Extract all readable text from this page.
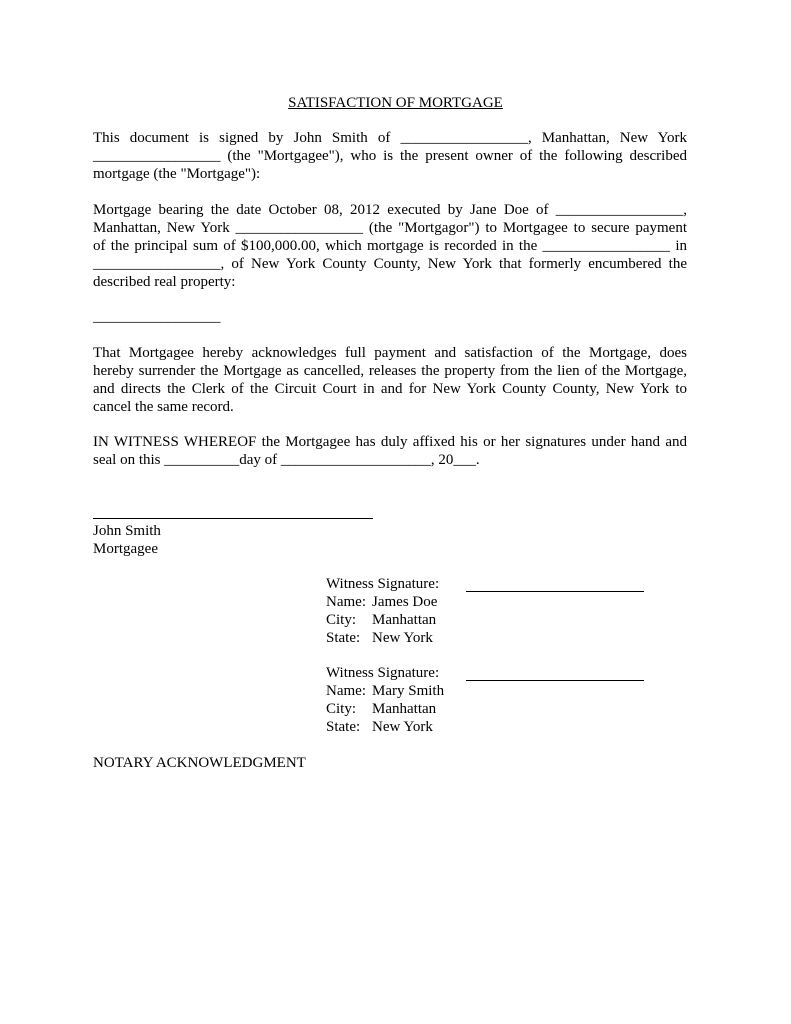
SATISFACTION OF MORTGAGE
This document is signed by John Smith of _________________, Manhattan, New York
_________________ (the "Mortgagee"), who is the present owner of the following described
mortgage (the "Mortgage"):
Mortgage bearing the date October 08, 2012 executed by Jane Doe of _________________,
Manhattan, New York _________________ (the "Mortgagor") to Mortgagee to secure payment
of the principal sum of $100,000.00, which mortgage is recorded in the _________________ in
_________________, of New York County County, New York that formerly encumbered the
described real property:
_________________
That Mortgagee hereby acknowledges full payment and satisfaction of the Mortgage, does
hereby surrender the Mortgage as cancelled, releases the property from the lien of the Mortgage,
and directs the Clerk of the Circuit Court in and for New York County County, New York to
cancel the same record.
IN WITNESS WHEREOF the Mortgagee has duly affixed his or her signatures under hand and
seal on this __________day of ____________________, 20___.
John Smith
Mortgagee
Witness Signature:
Name: James Doe
City: Manhattan
State: New York
Witness Signature:
Name: Mary Smith
City: Manhattan
State: New York
NOTARY ACKNOWLEDGMENT
